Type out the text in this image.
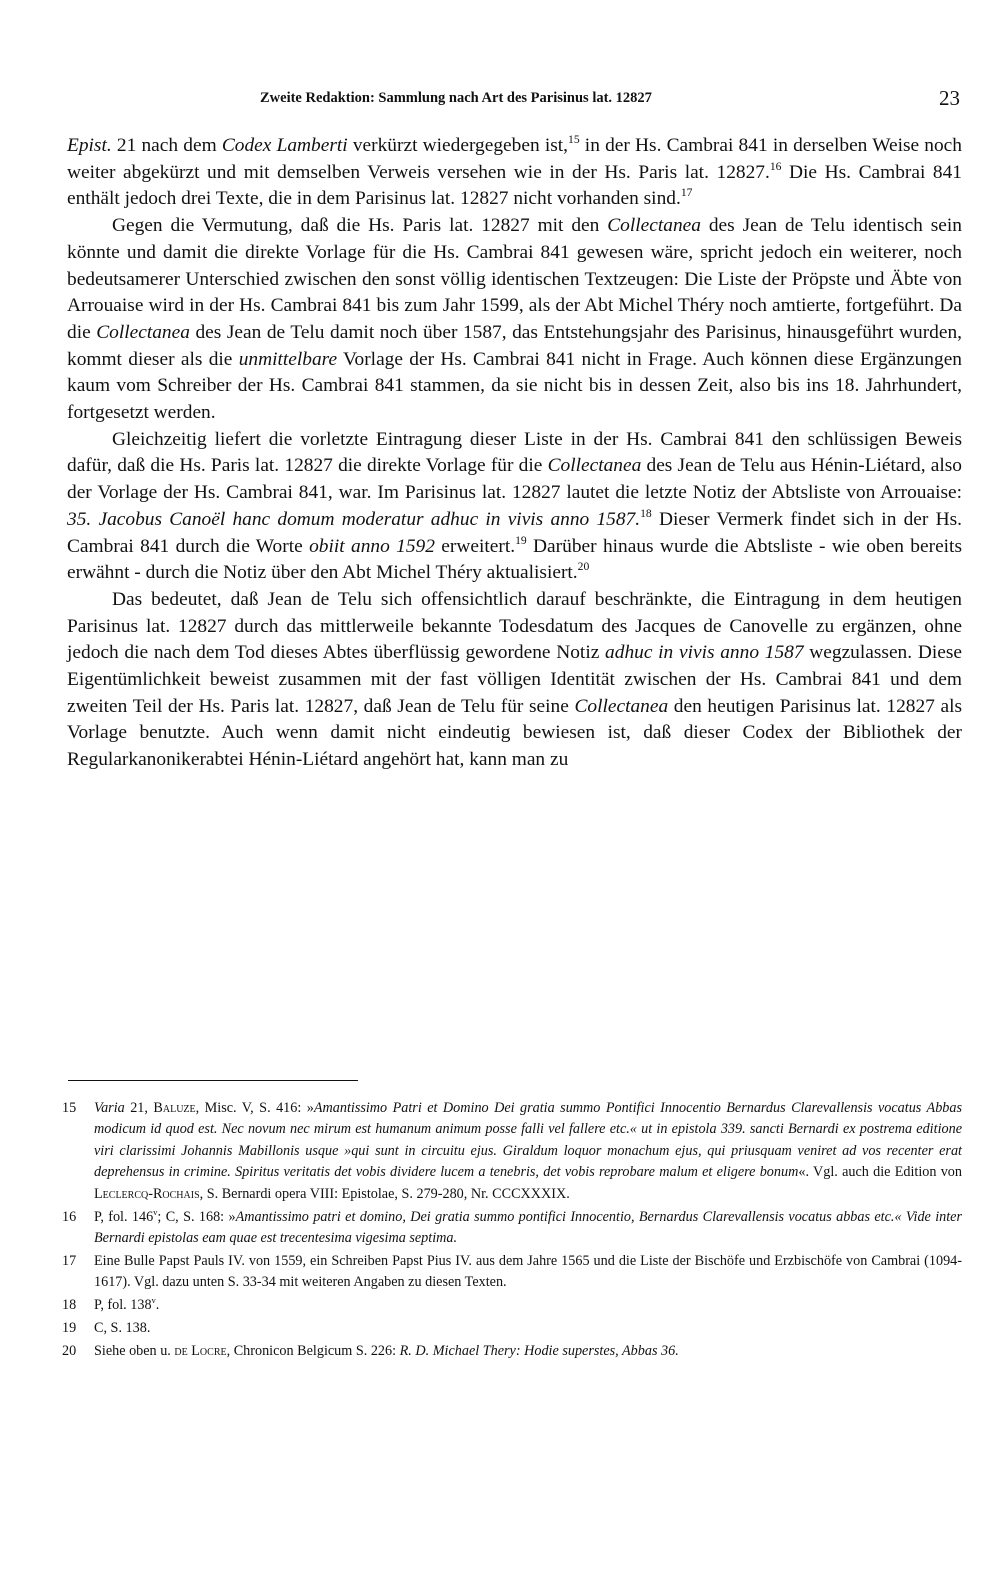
Zweite Redaktion: Sammlung nach Art des Parisinus lat. 12827	23

Epist. 21 nach dem Codex Lamberti verkürzt wiedergegeben ist,$^{15}$ in der Hs. Cambrai 841 in derselben Weise noch weiter abgekürzt und mit demselben Verweis versehen wie in der Hs. Paris lat. 12827.16 Die Hs. Cambrai 841 enthält jedoch drei Texte, die in dem Parisinus lat. 12827 nicht vorhanden sind.$^{17}$

Gegen die Vermutung, daß die Hs. Paris lat. 12827 mit den Collectanea des Jean de Telu identisch sein könnte und damit die direkte Vorlage für die Hs. Cambrai 841 gewesen wäre, spricht jedoch ein weiterer, noch bedeutsamerer Unterschied zwischen den sonst völlig identischen Textzeugen: Die Liste der Pröpste und Äbte von Arrouaise wird in der Hs. Cambrai 841 bis zum Jahr 1599, als der Abt Michel Théry noch amtierte, fortgeführt. Da die Collectanea des Jean de Telu damit noch über 1587, das Entstehungsjahr des Parisinus, hinausgeführt wurden, kommt dieser als die unmittelbare Vorlage der Hs. Cambrai 841 nicht in Frage. Auch können diese Ergänzungen kaum vom Schreiber der Hs. Cambrai 841 stammen, da sie nicht bis in dessen Zeit, also bis ins 18. Jahrhundert, fortgesetzt werden.

Gleichzeitig liefert die vorletzte Eintragung dieser Liste in der Hs. Cambrai 841 den schlüssigen Beweis dafür, daß die Hs. Paris lat. 12827 die direkte Vorlage für die Collectanea des Jean de Telu aus Hénin-Liétard, also der Vorlage der Hs. Cambrai 841, war. Im Parisinus lat. 12827 lautet die letzte Notiz der Abtsliste von Arrouaise: 35. Jacobus Canoël hanc domum moderatur adhuc in vivis anno 1587.18 Dieser Vermerk findet sich in der Hs. Cambrai 841 durch die Worte obiit anno 1592 erweitert.$^{19}$ Darüber hinaus wurde die Abtsliste - wie oben bereits erwähnt - durch die Notiz über den Abt Michel Théry aktualisiert.$^{20}$

Das bedeutet, daß Jean de Telu sich offensichtlich darauf beschränkte, die Eintragung in dem heutigen Parisinus lat. 12827 durch das mittlerweile bekannte Todesdatum des Jacques de Canovelle zu ergänzen, ohne jedoch die nach dem Tod dieses Abtes überflüssig gewordene Notiz adhuc in vivis anno 1587 wegzulassen. Diese Eigentümlichkeit beweist zusammen mit der fast völligen Identität zwischen der Hs. Cambrai 841 und dem zweiten Teil der Hs. Paris lat. 12827, daß Jean de Telu für seine Collectanea den heutigen Parisinus lat. 12827 als Vorlage benutzte. Auch wenn damit nicht eindeutig bewiesen ist, daß dieser Codex der Bibliothek der Regularkanonikerabtei Hénin-Liétard angehört hat, kann man zu

15 Varia 21, Baluze, Misc. V, S. 416: »Amantissimo Patri et Domino Dei gratia summo Pontifici Innocentio Bernardus Clarevallensis vocatus Abbas modicum id quod est. Nec novum nec mirum est humanum animum posse falli vel fallere etc.« ut in epistola 339. sancti Bernardi ex postrema editione viri clarissimi Johannis Mabillonis usque »qui sunt in circuitu ejus. Giraldum loquor monachum ejus, qui priusquam veniret ad vos recenter erat deprehensus in crimine. Spiritus veritatis det vobis dividere lucem a tenebris, det vobis reprobare malum et eligere bonum«. Vgl. auch die Edition von Leclercq-Rochais, S. Bernardi opera VIII: Epistolae, S. 279-280, Nr. CCCXXXIX.
16 P, fol. 146$^v$; C, S. 168: »Amantissimo patri et domino, Dei gratia summo pontifici Innocentio, Bernardus Clarevallensis vocatus abbas etc.« Vide inter Bernardi epistolas eam quae est trecentesima vigesima septima.
17 Eine Bulle Papst Pauls IV. von 1559, ein Schreiben Papst Pius IV. aus dem Jahre 1565 und die Liste der Bischöfe und Erzbischöfe von Cambrai (1094-1617). Vgl. dazu unten S. 33-34 mit weiteren Angaben zu diesen Texten.
18 P, fol. 138$^v$.
19 C, S. 138.
20 Siehe oben u. de Locre, Chronicon Belgicum S. 226: R. D. Michael Thery: Hodie superstes, Abbas 36.
